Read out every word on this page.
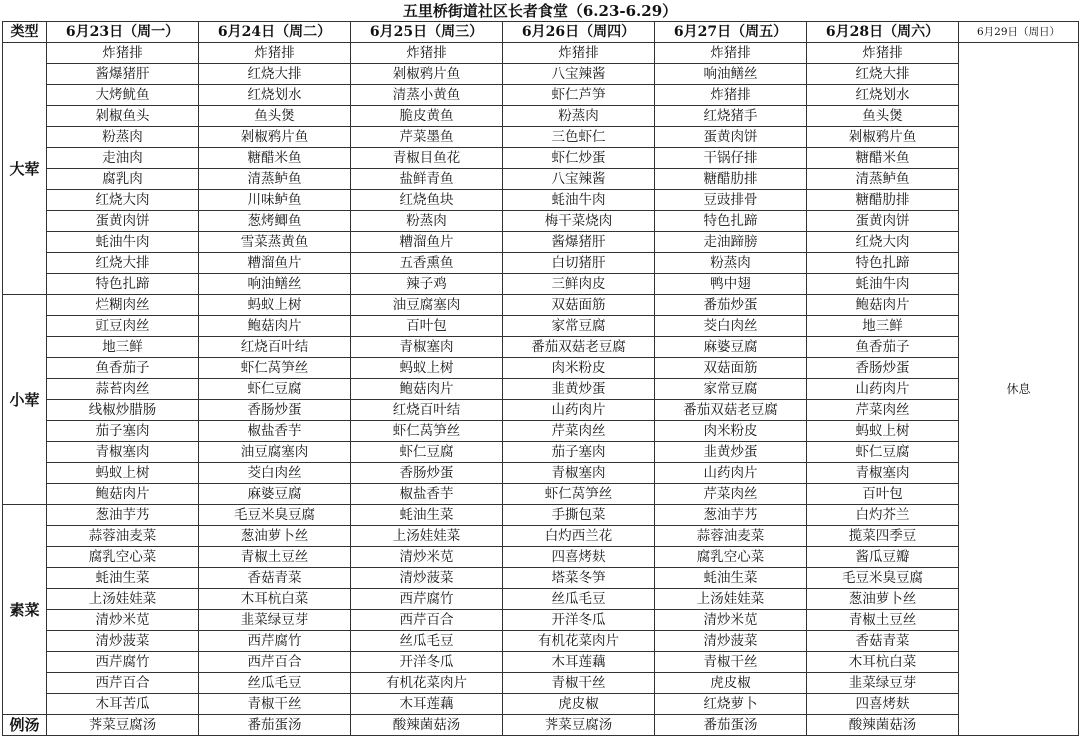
五里桥街道社区长者食堂（6.23-6.29）
类型	6月23日（周一）	6月24日（周二）	6月25日（周三）	6月26日（周四）	6月27日（周五）	6月28日（周六）	6月29日（周日）
大荤	炸猪排	炸猪排	炸猪排	炸猪排	炸猪排	炸猪排	休息
	酱爆猪肝	红烧大排	剁椒鸦片鱼	八宝辣酱	响油鳝丝	红烧大排	
	大烤鱿鱼	红烧划水	清蒸小黄鱼	虾仁芦笋	炸猪排	红烧划水	
	剁椒鱼头	鱼头煲	脆皮黄鱼	粉蒸肉	红烧猪手	鱼头煲	
	粉蒸肉	剁椒鸦片鱼	芹菜墨鱼	三色虾仁	蛋黄肉饼	剁椒鸦片鱼	
	走油肉	糖醋米鱼	青椒目鱼花	虾仁炒蛋	干锅仔排	糖醋米鱼	
	腐乳肉	清蒸鲈鱼	盐鲜青鱼	八宝辣酱	糖醋肋排	清蒸鲈鱼	
	红烧大肉	川味鲈鱼	红烧鱼块	蚝油牛肉	豆豉排骨	糖醋肋排	
	蛋黄肉饼	葱烤鲫鱼	粉蒸肉	梅干菜烧肉	特色扎蹄	蛋黄肉饼	
	蚝油牛肉	雪菜蒸黄鱼	糟溜鱼片	酱爆猪肝	走油蹄膀	红烧大肉	
	红烧大排	糟溜鱼片	五香熏鱼	白切猪肝	粉蒸肉	特色扎蹄	
	特色扎蹄	响油鳝丝	辣子鸡	三鲜肉皮	鸭中翅	蚝油牛肉	
小荤	烂糊肉丝	蚂蚁上树	油豆腐塞肉	双菇面筋	番茄炒蛋	鲍菇肉片	
	豇豆肉丝	鲍菇肉片	百叶包	家常豆腐	茭白肉丝	地三鲜	
	地三鲜	红烧百叶结	青椒塞肉	番茄双菇老豆腐	麻婆豆腐	鱼香茄子	
	鱼香茄子	虾仁莴笋丝	蚂蚁上树	肉米粉皮	双菇面筋	香肠炒蛋	
	蒜苔肉丝	虾仁豆腐	鲍菇肉片	韭黄炒蛋	家常豆腐	山药肉片	
	线椒炒腊肠	香肠炒蛋	红烧百叶结	山药肉片	番茄双菇老豆腐	芹菜肉丝	
	茄子塞肉	椒盐香芋	虾仁莴笋丝	芹菜肉丝	肉米粉皮	蚂蚁上树	
	青椒塞肉	油豆腐塞肉	虾仁豆腐	茄子塞肉	韭黄炒蛋	虾仁豆腐	
	蚂蚁上树	茭白肉丝	香肠炒蛋	青椒塞肉	山药肉片	青椒塞肉	
	鲍菇肉片	麻婆豆腐	椒盐香芋	虾仁莴笋丝	芹菜肉丝	百叶包	
素菜	葱油芋艿	毛豆米臭豆腐	蚝油生菜	手撕包菜	葱油芋艿	白灼芥兰	
	蒜蓉油麦菜	葱油萝卜丝	上汤娃娃菜	白灼西兰花	蒜蓉油麦菜	揽菜四季豆	
	腐乳空心菜	青椒土豆丝	清炒米苋	四喜烤麸	腐乳空心菜	酱瓜豆瓣	
	蚝油生菜	香菇青菜	清炒菠菜	塔菜冬笋	蚝油生菜	毛豆米臭豆腐	
	上汤娃娃菜	木耳杭白菜	西芹腐竹	丝瓜毛豆	上汤娃娃菜	葱油萝卜丝	
	清炒米苋	韭菜绿豆芽	西芹百合	开洋冬瓜	清炒米苋	青椒土豆丝	
	清炒菠菜	西芹腐竹	丝瓜毛豆	有机花菜肉片	清炒菠菜	香菇青菜	
	西芹腐竹	西芹百合	开洋冬瓜	木耳莲藕	青椒干丝	木耳杭白菜	
	西芹百合	丝瓜毛豆	有机花菜肉片	青椒干丝	虎皮椒	韭菜绿豆芽	
	木耳苦瓜	青椒干丝	木耳莲藕	虎皮椒	红烧萝卜	四喜烤麸	
例汤	荠菜豆腐汤	番茄蛋汤	酸辣菌菇汤	荠菜豆腐汤	番茄蛋汤	酸辣菌菇汤	
